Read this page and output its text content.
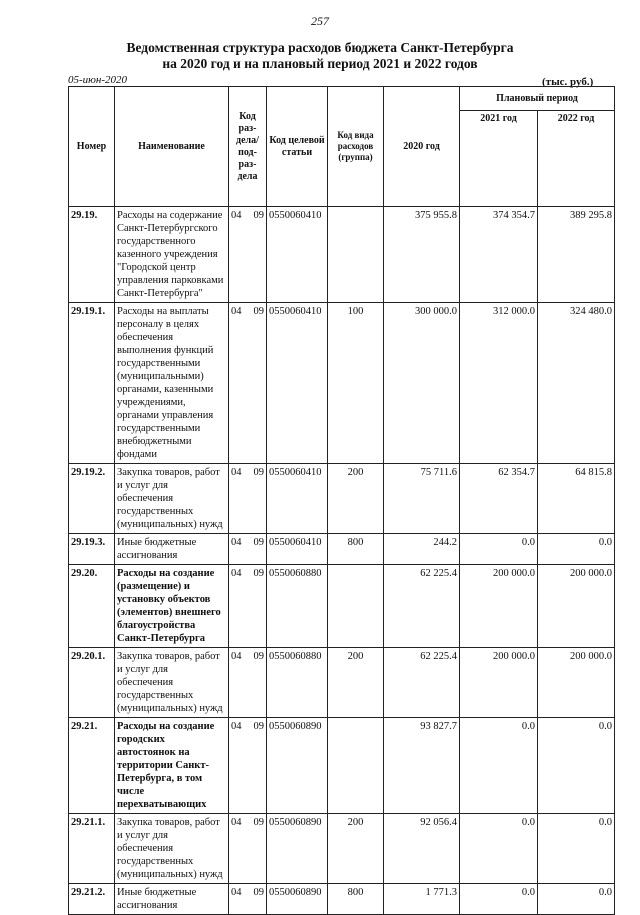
257
Ведомственная структура расходов бюджета Санкт-Петербурга
на 2020 год и на плановый период 2021 и 2022 годов
05-июн-2020	(тыс. руб.)
Номер	Наименование	Код раз-дела/ под-раз-дела	Код целевой статьи	Код вида расходов (группа)	2020 год	Плановый период	
						2021 год	2022 год
29.19.	Расходы на содержание Санкт-Петербургского государственного казенного учреждения "Городской центр управления парковками Санкт-Петербурга"	04 09	0550060410		375 955.8	374 354.7	389 295.8
29.19.1.	Расходы на выплаты персоналу в целях обеспечения выполнения функций государственными (муниципальными) органами, казенными учреждениями, органами управления государственными внебюджетными фондами	04 09	0550060410	100	300 000.0	312 000.0	324 480.0
29.19.2.	Закупка товаров, работ и услуг для обеспечения государственных (муниципальных) нужд	04 09	0550060410	200	75 711.6	62 354.7	64 815.8
29.19.3.	Иные бюджетные ассигнования	04 09	0550060410	800	244.2	0.0	0.0
29.20.	Расходы на создание (размещение) и установку объектов (элементов) внешнего благоустройства Санкт-Петербурга	04 09	0550060880		62 225.4	200 000.0	200 000.0
29.20.1.	Закупка товаров, работ и услуг для обеспечения государственных (муниципальных) нужд	04 09	0550060880	200	62 225.4	200 000.0	200 000.0
29.21.	Расходы на создание городских автостоянок на территории Санкт-Петербурга, в том числе перехватывающих	04 09	0550060890		93 827.7	0.0	0.0
29.21.1.	Закупка товаров, работ и услуг для обеспечения государственных (муниципальных) нужд	04 09	0550060890	200	92 056.4	0.0	0.0
29.21.2.	Иные бюджетные ассигнования	04 09	0550060890	800	1 771.3	0.0	0.0
